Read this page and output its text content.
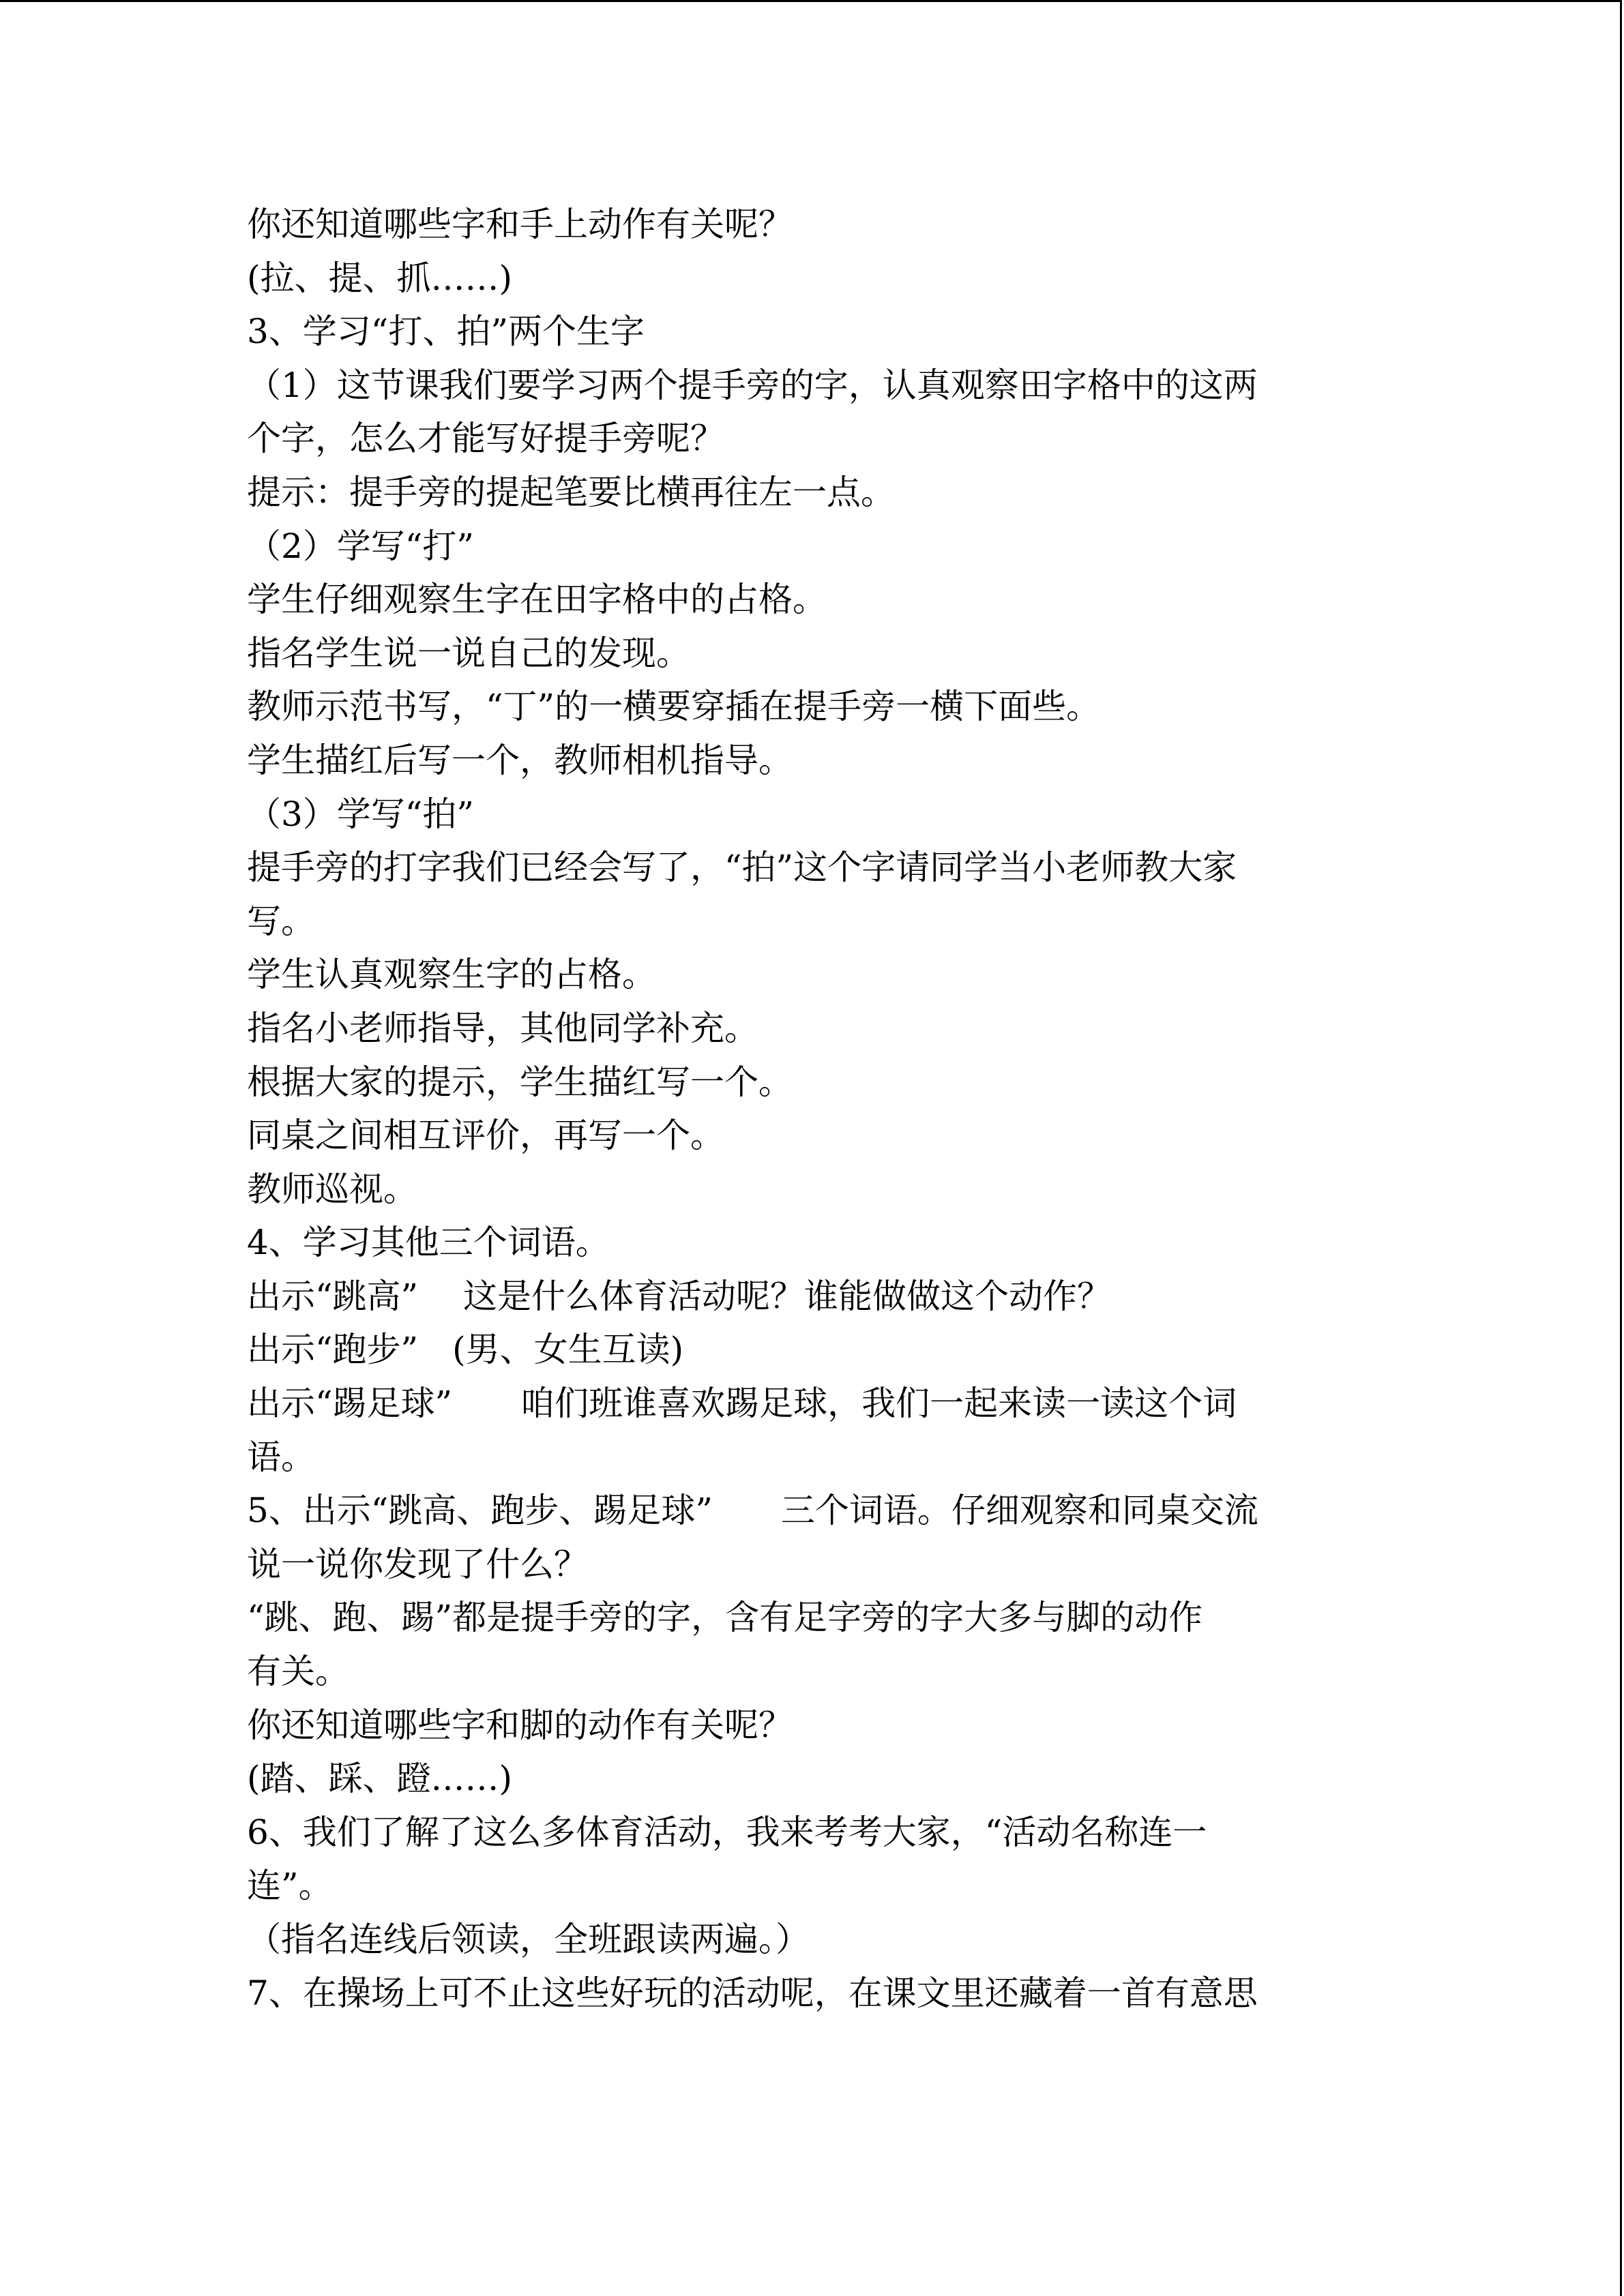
你还知道哪些字和手上动作有关呢？
(拉、提、抓……)
3、学习“打、拍”两个生字
（1）这节课我们要学习两个提手旁的字，认真观察田字格中的这两
个字，怎么才能写好提手旁呢？
提示：提手旁的提起笔要比横再往左一点。
（2）学写“打”
学生仔细观察生字在田字格中的占格。
指名学生说一说自己的发现。
教师示范书写，“丁”的一横要穿插在提手旁一横下面些。
学生描红后写一个，教师相机指导。
（3）学写“拍”
提手旁的打字我们已经会写了，“拍”这个字请同学当小老师教大家
写。
学生认真观察生字的占格。
指名小老师指导，其他同学补充。
根据大家的提示，学生描红写一个。
同桌之间相互评价，再写一个。
教师巡视。
4、学习其他三个词语。
出示“跳高”　 这是什么体育活动呢？谁能做做这个动作？
出示“跑步”　(男、女生互读)
出示“踢足球”　　咱们班谁喜欢踢足球，我们一起来读一读这个词
语。
5、出示“跳高、跑步、踢足球”　　三个词语。仔细观察和同桌交流
说一说你发现了什么？
“跳、跑、踢”都是提手旁的字，含有足字旁的字大多与脚的动作
有关。
你还知道哪些字和脚的动作有关呢？
(踏、踩、蹬……)
6、我们了解了这么多体育活动，我来考考大家，“活动名称连一
连”。
（指名连线后领读，全班跟读两遍。）
7、在操场上可不止这些好玩的活动呢，在课文里还藏着一首有意思
